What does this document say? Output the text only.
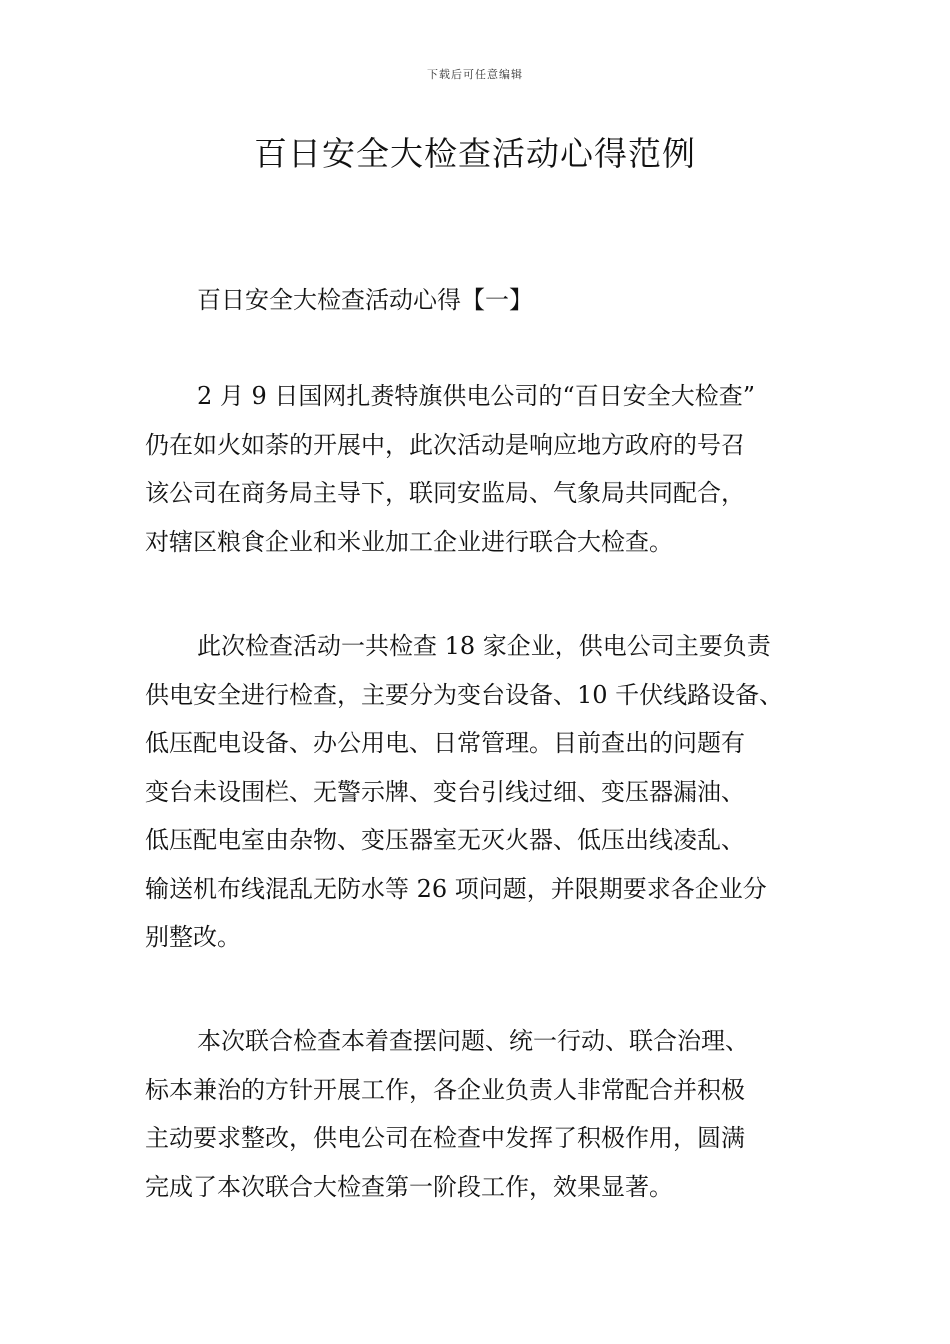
下载后可任意编辑
百日安全大检查活动心得范例
百日安全大检查活动心得【一】
2 月 9 日国网扎赉特旗供电公司的“百日安全大检查”
仍在如火如荼的开展中，此次活动是响应地方政府的号召
该公司在商务局主导下，联同安监局、气象局共同配合，
对辖区粮食企业和米业加工企业进行联合大检查。
此次检查活动一共检查 18 家企业，供电公司主要负责
供电安全进行检查，主要分为变台设备、10 千伏线路设备、
低压配电设备、办公用电、日常管理。目前查出的问题有
变台未设围栏、无警示牌、变台引线过细、变压器漏油、
低压配电室由杂物、变压器室无灭火器、低压出线凌乱、
输送机布线混乱无防水等 26 项问题，并限期要求各企业分
别整改。
本次联合检查本着查摆问题、统一行动、联合治理、
标本兼治的方针开展工作，各企业负责人非常配合并积极
主动要求整改，供电公司在检查中发挥了积极作用，圆满
完成了本次联合大检查第一阶段工作，效果显著。
